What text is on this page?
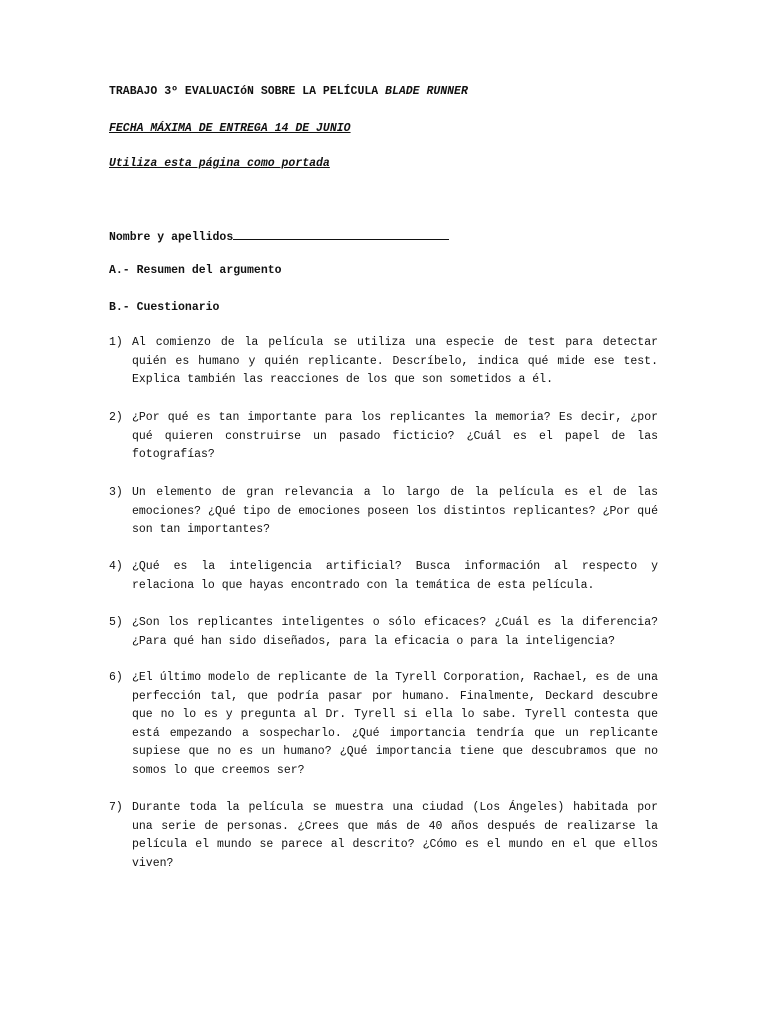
TRABAJO 3º EVALUACIóN SOBRE LA PELÍCULA BLADE RUNNER
FECHA MÁXIMA DE ENTREGA 14 DE JUNIO
Utiliza esta página como portada
Nombre y apellidos
A.- Resumen del argumento
B.- Cuestionario
1) Al comienzo de la película se utiliza una especie de test para detectar quién es humano y quién replicante. Descríbelo, indica qué mide ese test. Explica también las reacciones de los que son sometidos a él.
2) ¿Por qué es tan importante para los replicantes la memoria? Es decir, ¿por qué quieren construirse un pasado ficticio? ¿Cuál es el papel de las fotografías?
3) Un elemento de gran relevancia a lo largo de la película es el de las emociones? ¿Qué tipo de emociones poseen los distintos replicantes? ¿Por qué son tan importantes?
4) ¿Qué es la inteligencia artificial? Busca información al respecto y relaciona lo que hayas encontrado con la temática de esta película.
5) ¿Son los replicantes inteligentes o sólo eficaces? ¿Cuál es la diferencia? ¿Para qué han sido diseñados, para la eficacia o para la inteligencia?
6) ¿El último modelo de replicante de la Tyrell Corporation, Rachael, es de una perfección tal, que podría pasar por humano. Finalmente, Deckard descubre que no lo es y pregunta al Dr. Tyrell si ella lo sabe. Tyrell contesta que está empezando a sospecharlo. ¿Qué importancia tendría que un replicante supiese que no es un humano? ¿Qué importancia tiene que descubramos que no somos lo que creemos ser?
7) Durante toda la película se muestra una ciudad (Los Ángeles) habitada por una serie de personas. ¿Crees que más de 40 años después de realizarse la película el mundo se parece al descrito? ¿Cómo es el mundo en el que ellos viven?
